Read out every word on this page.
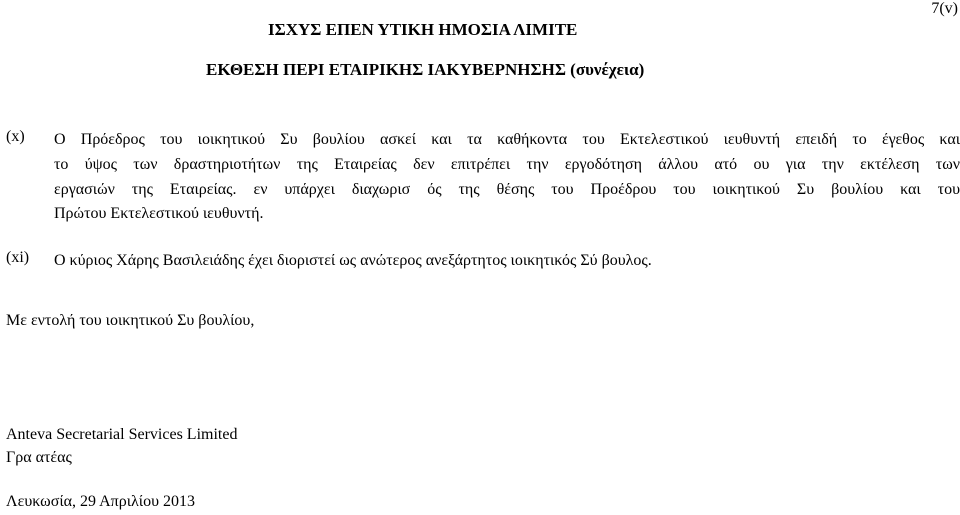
7(v)
ΙΣΧΥΣ ΕΠΕΝ ΥΤΙΚΗ ΗΜΟΣΙΑ ΛΙΜΙΤΕ
ΕΚΘΕΣΗ ΠΕΡΙ ΕΤΑΙΡΙΚΗΣ ΙΑΚΥΒΕΡΝΗΣΗΣ (συνέχεια)
(x) Ο Πρόεδρος του ιοικητικού Συ βουλίου ασκεί και τα καθήκοντα του Εκτελεστικού ιευθυντή επειδή το έγεθος και
το ύψος των δραστηριοτήτων της Εταιρείας δεν επιτρέπει την εργοδότηση άλλου ατό ου για την εκτέλεση των
εργασιών της Εταιρείας. εν υπάρχει διαχωρισ ός της θέσης του Προέδρου του ιοικητικού Συ βουλίου και του
Πρώτου Εκτελεστικού ιευθυντή.
(xi) Ο κύριος Χάρης Βασιλειάδης έχει διοριστεί ως ανώτερος ανεξάρτητος ιοικητικός Σύ βουλος.
Με εντολή του ιοικητικού Συ βουλίου,
Anteva Secretarial Services Limited
Γρα ατέας
Λευκωσία, 29 Απριλίου 2013
